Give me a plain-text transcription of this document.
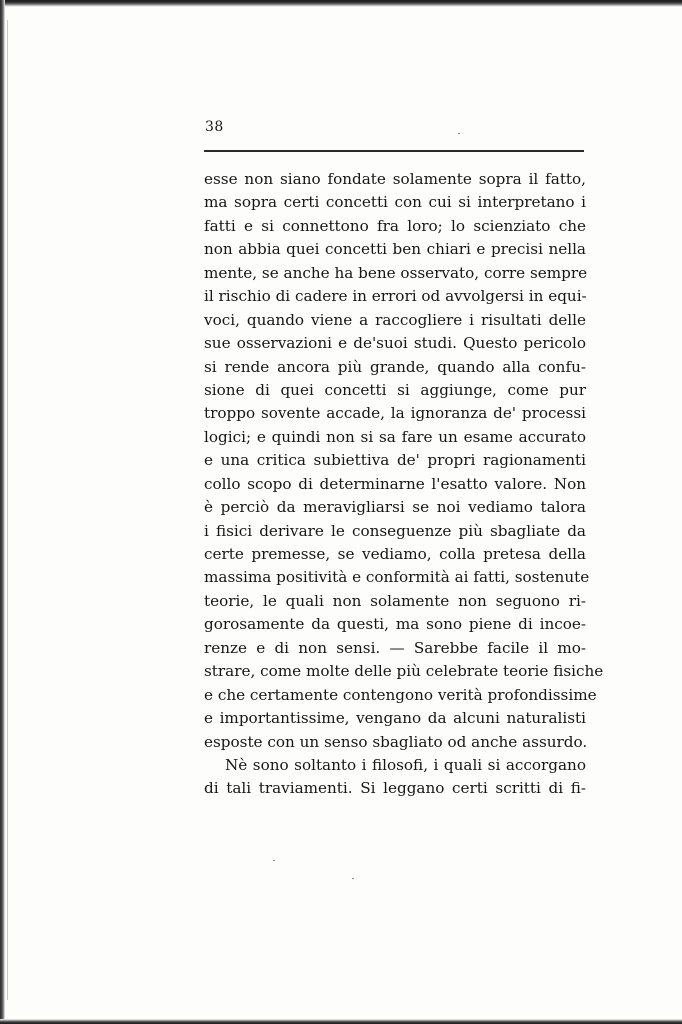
38
esse non siano fondate solamente sopra il fatto,
ma sopra certi concetti con cui si interpretano i
fatti e si connettono fra loro; lo scienziato che
non abbia quei concetti ben chiari e precisi nella
mente, se anche ha bene osservato, corre sempre
il rischio di cadere in errori od avvolgersi in equi-
voci, quando viene a raccogliere i risultati delle
sue osservazioni e de'suoi studi. Questo pericolo
si rende ancora più grande, quando alla confu-
sione di quei concetti si aggiunge, come pur
troppo sovente accade, la ignoranza de' processi
logici; e quindi non si sa fare un esame accurato
e una critica subiettiva de' propri ragionamenti
collo scopo di determinarne l'esatto valore. Non
è perciò da meravigliarsi se noi vediamo talora
i fisici derivare le conseguenze più sbagliate da
certe premesse, se vediamo, colla pretesa della
massima positività e conformità ai fatti, sostenute
teorie, le quali non solamente non seguono ri-
gorosamente da questi, ma sono piene di incoe-
renze e di non sensi. — Sarebbe facile il mo-
strare, come molte delle più celebrate teorie fisiche
e che certamente contengono verità profondissime
e importantissime, vengano da alcuni naturalisti
esposte con un senso sbagliato od anche assurdo.
Nè sono soltanto i filosofi, i quali si accorgano
di tali traviamenti. Si leggano certi scritti di fi-
